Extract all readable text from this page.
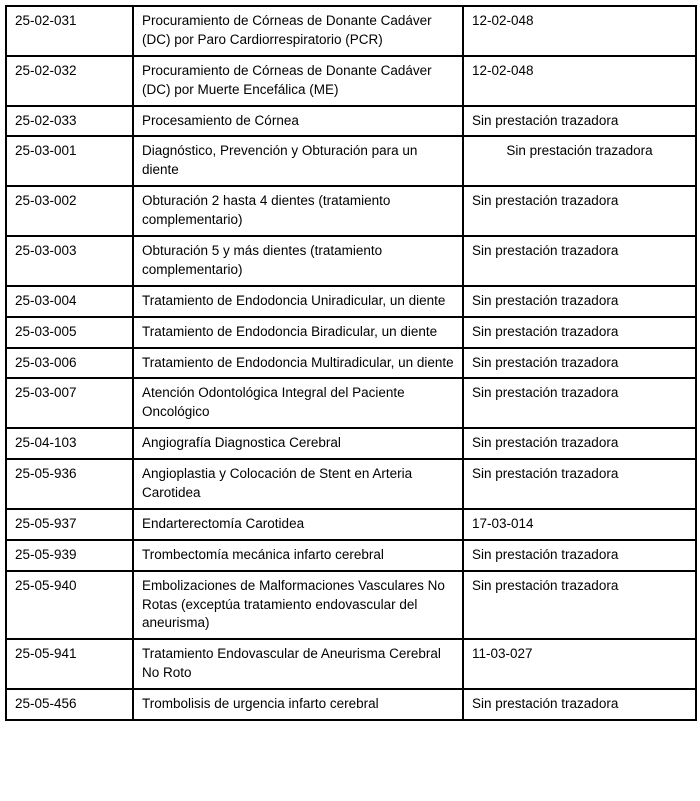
25-02-031	Procuramiento de Córneas de Donante Cadáver (DC) por Paro Cardiorrespiratorio (PCR)	12-02-048
25-02-032	Procuramiento de Córneas de Donante Cadáver (DC) por Muerte Encefálica (ME)	12-02-048
25-02-033	Procesamiento de Córnea	Sin prestación trazadora
25-03-001	Diagnóstico, Prevención y Obturación para un diente	Sin prestación trazadora
25-03-002	Obturación 2 hasta 4 dientes (tratamiento complementario)	Sin prestación trazadora
25-03-003	Obturación 5 y más dientes (tratamiento complementario)	Sin prestación trazadora
25-03-004	Tratamiento de Endodoncia Uniradicular, un diente	Sin prestación trazadora
25-03-005	Tratamiento de Endodoncia Biradicular, un diente	Sin prestación trazadora
25-03-006	Tratamiento de Endodoncia Multiradicular, un diente	Sin prestación trazadora
25-03-007	Atención Odontológica Integral del Paciente Oncológico	Sin prestación trazadora
25-04-103	Angiografía Diagnostica Cerebral	Sin prestación trazadora
25-05-936	Angioplastia y Colocación de Stent en Arteria Carotidea	Sin prestación trazadora
25-05-937	Endarterectomía Carotidea	17-03-014
25-05-939	Trombectomía mecánica infarto cerebral	Sin prestación trazadora
25-05-940	Embolizaciones de Malformaciones Vasculares No Rotas (exceptúa tratamiento endovascular del aneurisma)	Sin prestación trazadora
25-05-941	Tratamiento Endovascular de Aneurisma Cerebral No Roto	11-03-027
25-05-456	Trombolisis de urgencia infarto cerebral	Sin prestación trazadora
